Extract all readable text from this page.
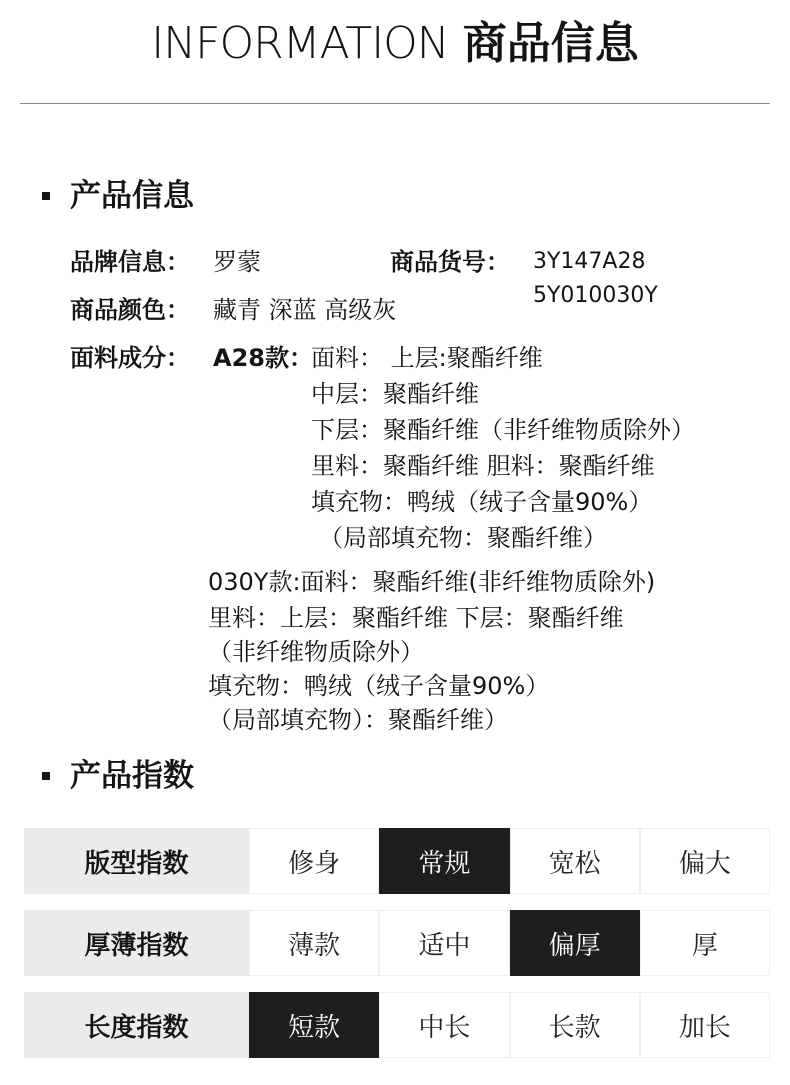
INFORMATION 商品信息
产品信息
品牌信息： 罗蒙	商品货号： 3Y147A28
5Y010030Y
商品颜色： 藏青 深蓝 高级灰
面料成分： A28款：
面料： 上层:聚酯纤维
中层：聚酯纤维
下层：聚酯纤维（非纤维物质除外）
里料：聚酯纤维 胆料：聚酯纤维
填充物：鸭绒（绒子含量90%）
（局部填充物：聚酯纤维）
030Y款:面料：聚酯纤维(非纤维物质除外)
里料：上层：聚酯纤维 下层：聚酯纤维
（非纤维物质除外）
填充物：鸭绒（绒子含量90%）
（局部填充物）：聚酯纤维）
产品指数
版型指数	修身	常规	宽松	偏大
厚薄指数	薄款	适中	偏厚	厚
长度指数	短款	中长	长款	加长
